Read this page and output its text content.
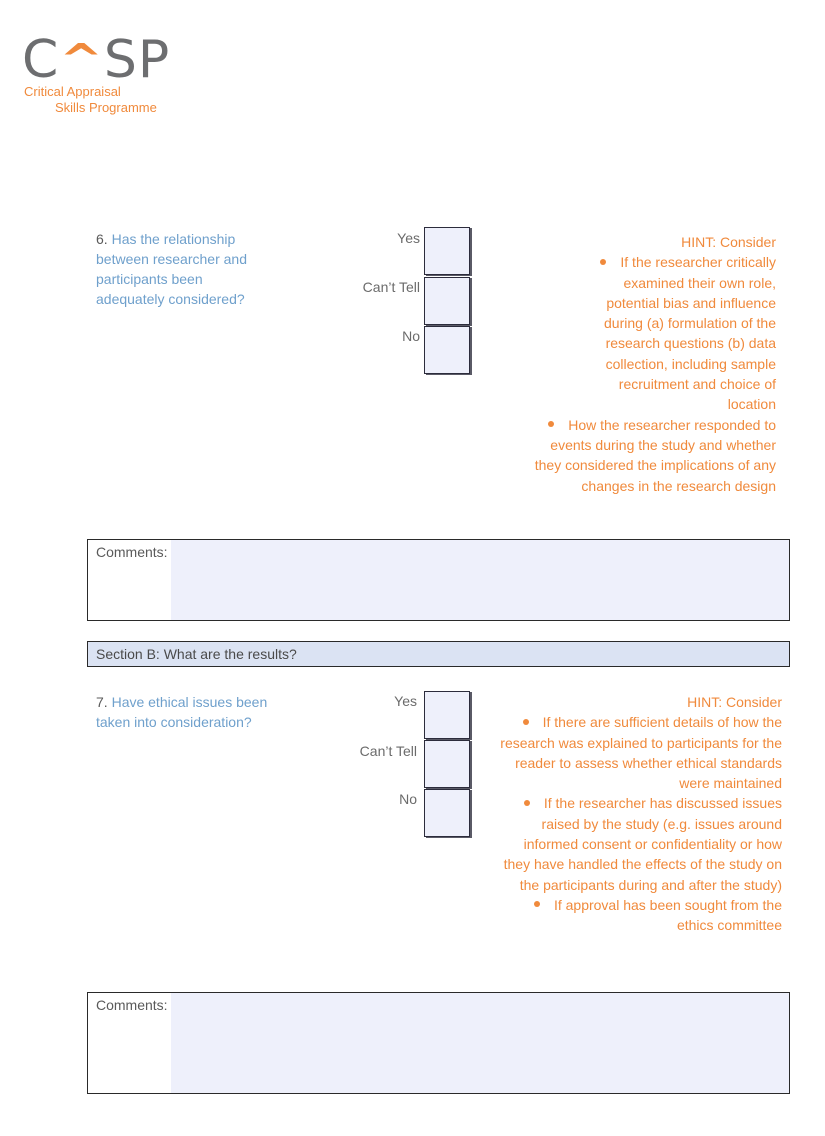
C^SP
Critical Appraisal
Skills Programme
6. Has the relationship between researcher and participants been adequately considered?
Yes
Can’t Tell
No
HINT: Consider
If the researcher critically examined their own role, potential bias and influence during (a) formulation of the research questions (b) data collection, including sample recruitment and choice of location
How the researcher responded to events during the study and whether they considered the implications of any changes in the research design
Comments:
Section B: What are the results?
7. Have ethical issues been taken into consideration?
Yes
Can’t Tell
No
HINT: Consider
If there are sufficient details of how the research was explained to participants for the reader to assess whether ethical standards were maintained
If the researcher has discussed issues raised by the study (e.g. issues around informed consent or confidentiality or how they have handled the effects of the study on the participants during and after the study)
If approval has been sought from the ethics committee
Comments:
